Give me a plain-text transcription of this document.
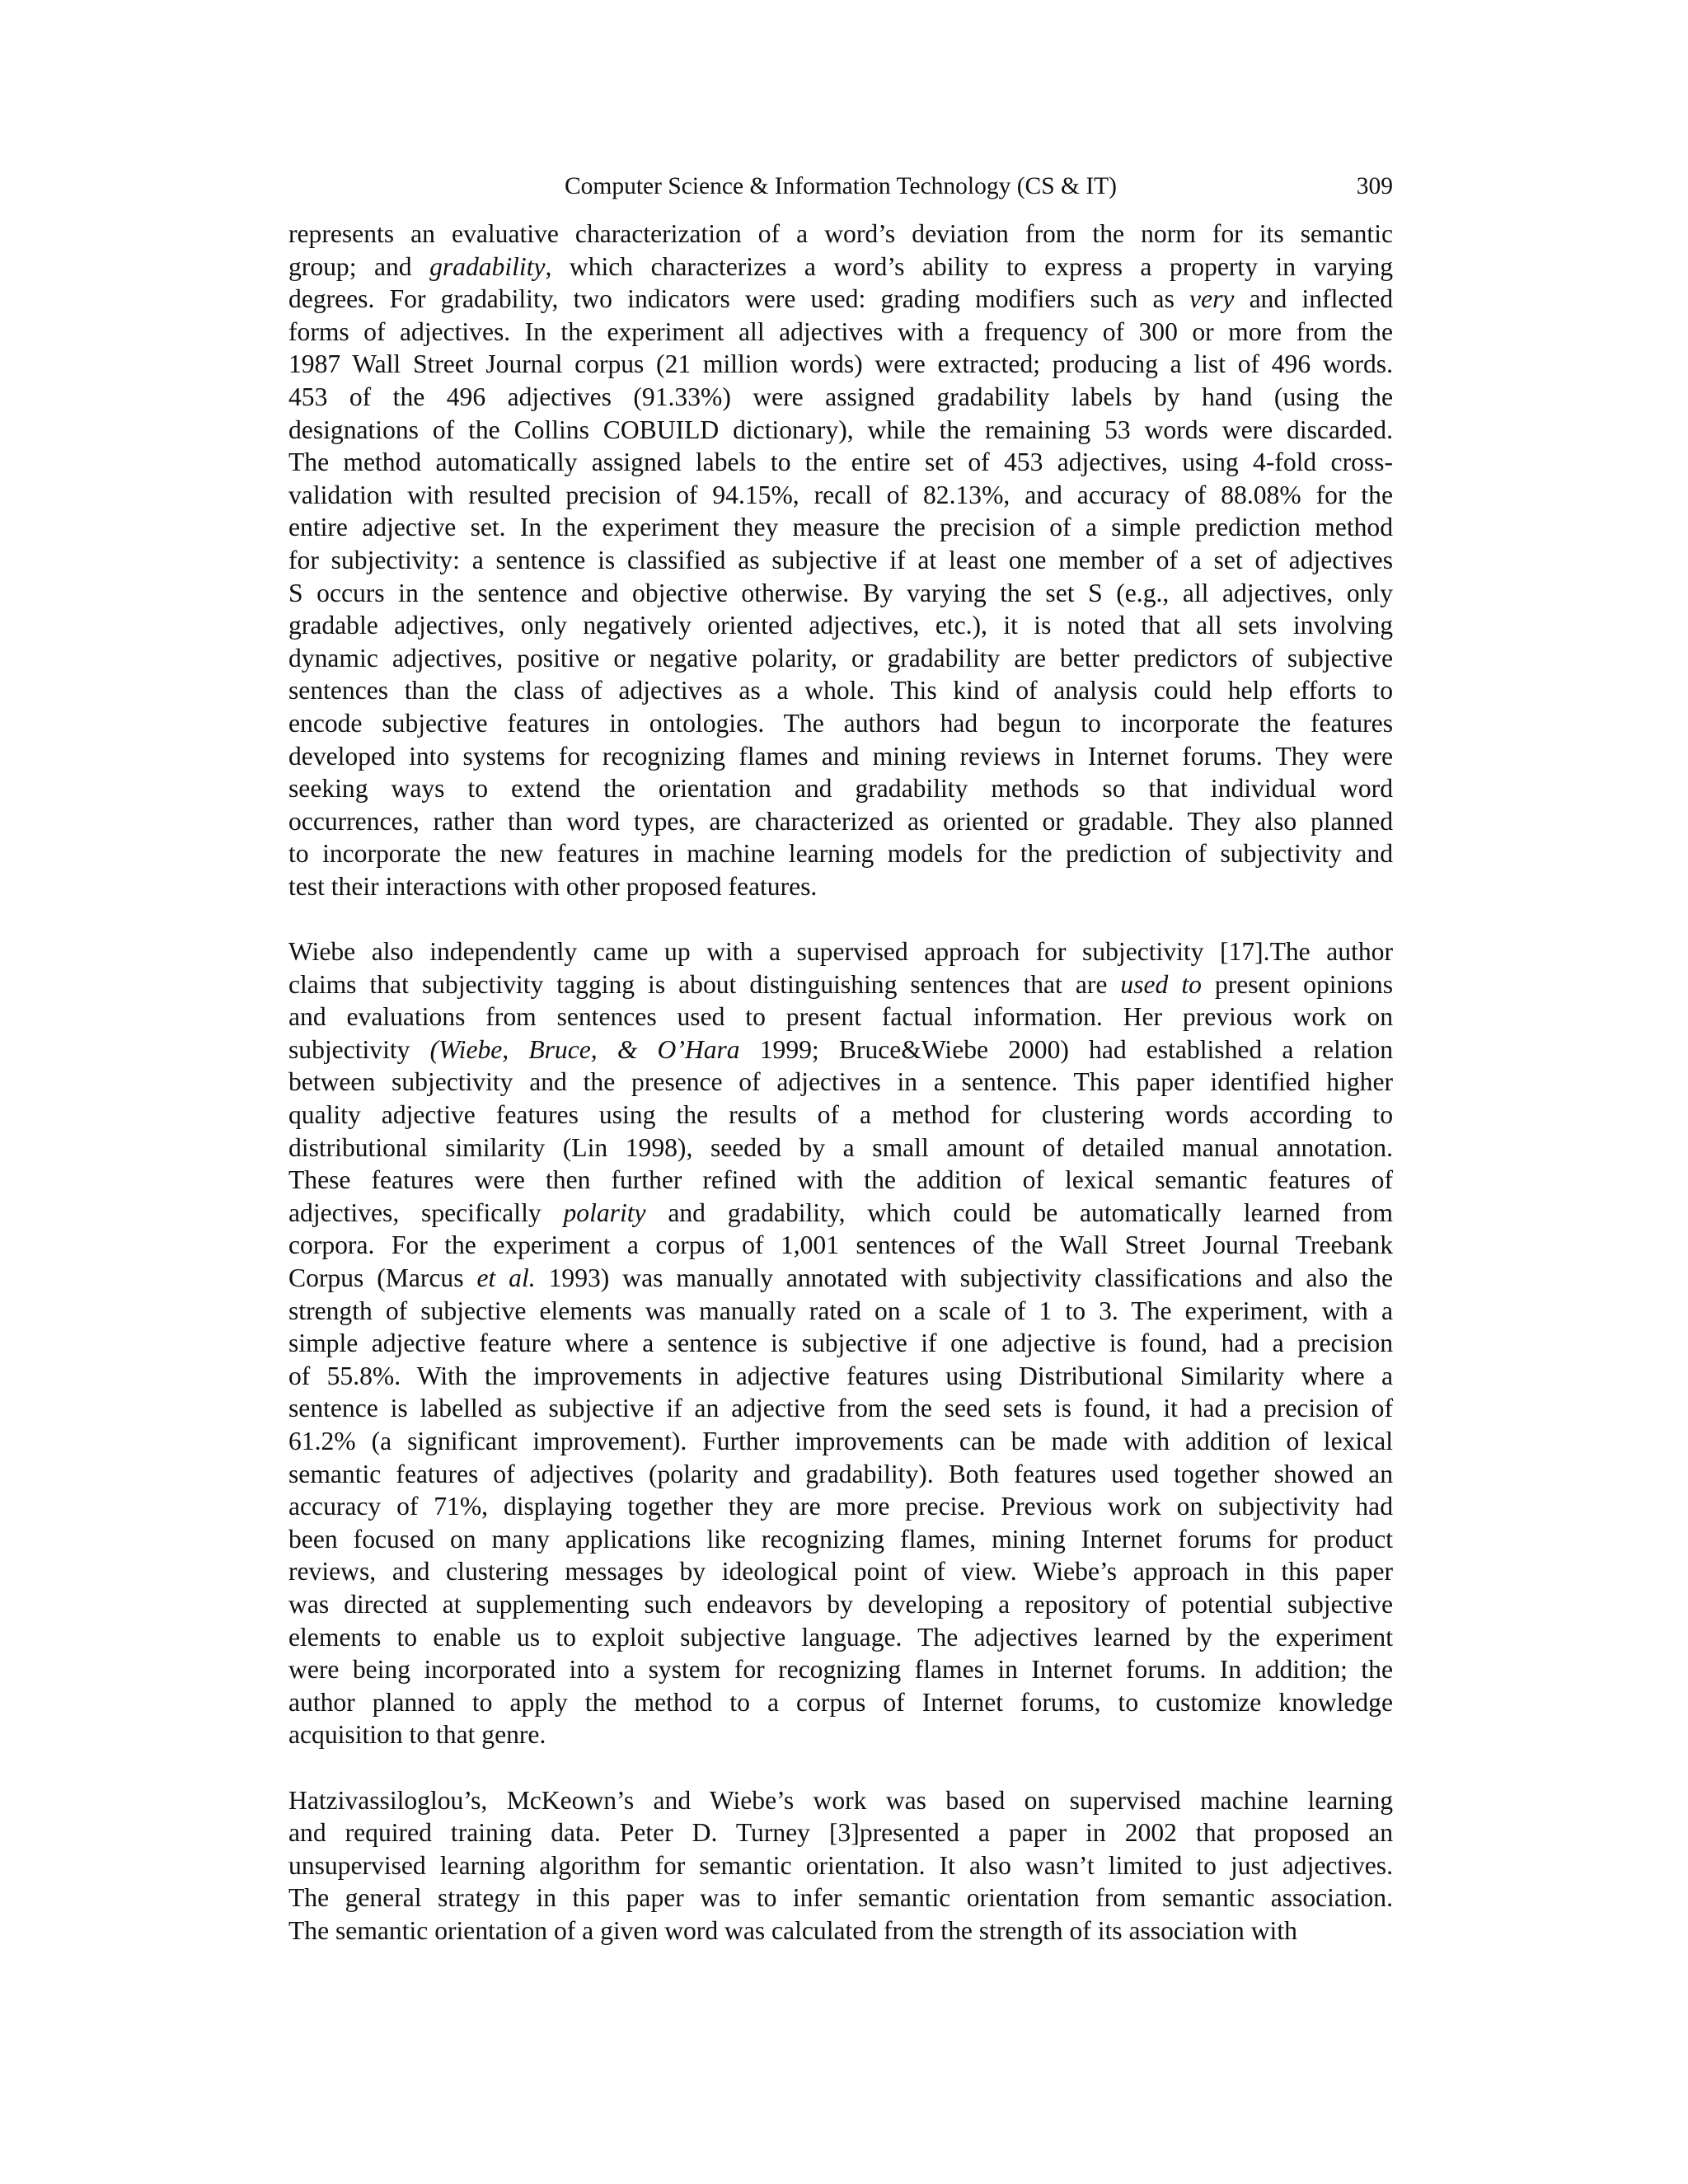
Computer Science & Information Technology (CS & IT)	309
represents an evaluative characterization of a word’s deviation from the norm for its semantic
group; and gradability, which characterizes a word’s ability to express a property in varying
degrees. For gradability, two indicators were used: grading modifiers such as very and inflected
forms of adjectives. In the experiment all adjectives with a frequency of 300 or more from the
1987 Wall Street Journal corpus (21 million words) were extracted; producing a list of 496 words.
453 of the 496 adjectives (91.33%) were assigned gradability labels by hand (using the
designations of the Collins COBUILD dictionary), while the remaining 53 words were discarded.
The method automatically assigned labels to the entire set of 453 adjectives, using 4-fold cross-
validation with resulted precision of 94.15%, recall of 82.13%, and accuracy of 88.08% for the
entire adjective set. In the experiment they measure the precision of a simple prediction method
for subjectivity: a sentence is classified as subjective if at least one member of a set of adjectives
S occurs in the sentence and objective otherwise. By varying the set S (e.g., all adjectives, only
gradable adjectives, only negatively oriented adjectives, etc.), it is noted that all sets involving
dynamic adjectives, positive or negative polarity, or gradability are better predictors of subjective
sentences than the class of adjectives as a whole. This kind of analysis could help efforts to
encode subjective features in ontologies. The authors had begun to incorporate the features
developed into systems for recognizing flames and mining reviews in Internet forums. They were
seeking ways to extend the orientation and gradability methods so that individual word
occurrences, rather than word types, are characterized as oriented or gradable. They also planned
to incorporate the new features in machine learning models for the prediction of subjectivity and
test their interactions with other proposed features.
Wiebe also independently came up with a supervised approach for subjectivity [17].The author
claims that subjectivity tagging is about distinguishing sentences that are used to present opinions
and evaluations from sentences used to present factual information. Her previous work on
subjectivity (Wiebe, Bruce, & O’Hara 1999; Bruce&Wiebe 2000) had established a relation
between subjectivity and the presence of adjectives in a sentence. This paper identified higher
quality adjective features using the results of a method for clustering words according to
distributional similarity (Lin 1998), seeded by a small amount of detailed manual annotation.
These features were then further refined with the addition of lexical semantic features of
adjectives, specifically polarity and gradability, which could be automatically learned from
corpora. For the experiment a corpus of 1,001 sentences of the Wall Street Journal Treebank
Corpus (Marcus et al. 1993) was manually annotated with subjectivity classifications and also the
strength of subjective elements was manually rated on a scale of 1 to 3. The experiment, with a
simple adjective feature where a sentence is subjective if one adjective is found, had a precision
of 55.8%. With the improvements in adjective features using Distributional Similarity where a
sentence is labelled as subjective if an adjective from the seed sets is found, it had a precision of
61.2% (a significant improvement). Further improvements can be made with addition of lexical
semantic features of adjectives (polarity and gradability). Both features used together showed an
accuracy of 71%, displaying together they are more precise. Previous work on subjectivity had
been focused on many applications like recognizing flames, mining Internet forums for product
reviews, and clustering messages by ideological point of view. Wiebe’s approach in this paper
was directed at supplementing such endeavors by developing a repository of potential subjective
elements to enable us to exploit subjective language. The adjectives learned by the experiment
were being incorporated into a system for recognizing flames in Internet forums. In addition; the
author planned to apply the method to a corpus of Internet forums, to customize knowledge
acquisition to that genre.
Hatzivassiloglou’s, McKeown’s and Wiebe’s work was based on supervised machine learning
and required training data. Peter D. Turney [3]presented a paper in 2002 that proposed an
unsupervised learning algorithm for semantic orientation. It also wasn’t limited to just adjectives.
The general strategy in this paper was to infer semantic orientation from semantic association.
The semantic orientation of a given word was calculated from the strength of its association with
